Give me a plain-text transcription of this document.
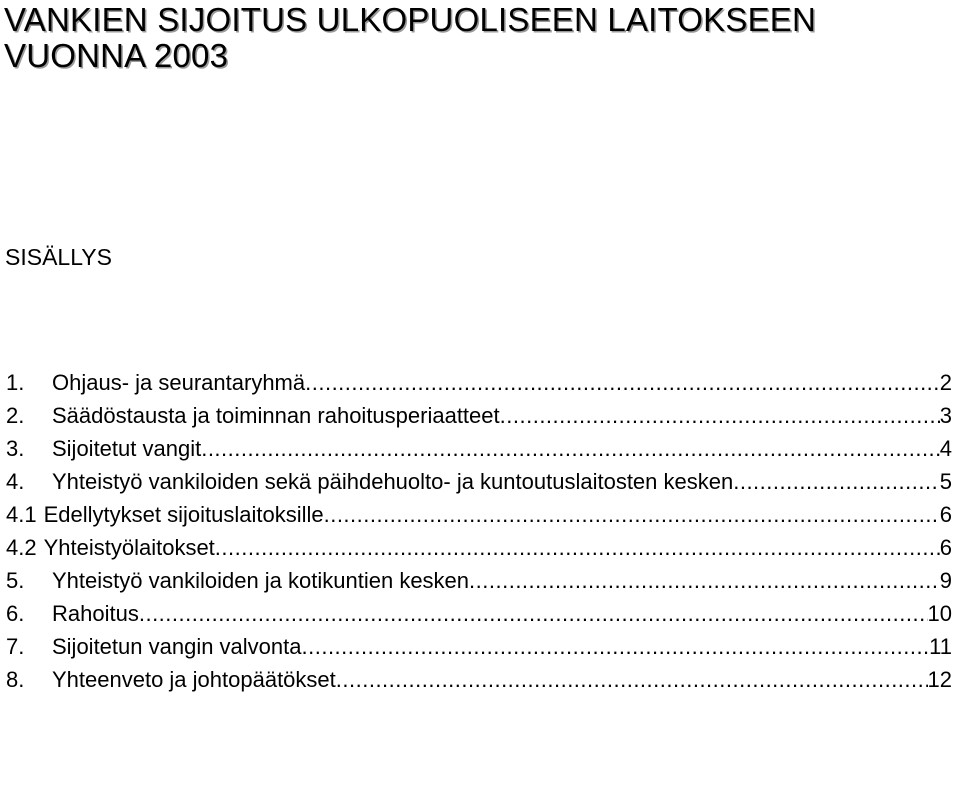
VANKIEN SIJOITUS ULKOPUOLISEEN LAITOKSEEN
VUONNA 2003
SISÄLLYS
1.	Ohjaus- ja seurantaryhmä .....	2
2.	Säädöstausta ja toiminnan rahoitusperiaatteet .....	3
3.	Sijoitetut vangit .....	4
4.	Yhteistyö vankiloiden sekä päihdehuolto- ja kuntoutuslaitosten kesken .....	5
4.1 Edellytykset sijoituslaitoksille .....	6
4.2 Yhteistyölaitokset .....	6
5.	Yhteistyö vankiloiden ja kotikuntien kesken .....	9
6.	Rahoitus .....	10
7.	Sijoitetun vangin valvonta .....	11
8.	Yhteenveto ja johtopäätökset .....	12
